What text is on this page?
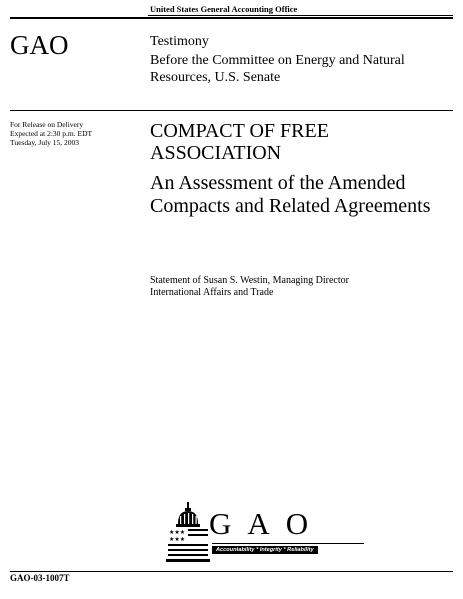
United States General Accounting Office
GAO	Testimony
Before the Committee on Energy and Natural Resources, U.S. Senate
For Release on Delivery
Expected at 2:30 p.m. EDT
Tuesday, July 15, 2003
COMPACT OF FREE ASSOCIATION
An Assessment of the Amended Compacts and Related Agreements
Statement of Susan S. Westin, Managing Director
International Affairs and Trade
★★★
★★★ GAO
Accountability * Integrity * Reliability
GAO-03-1007T
